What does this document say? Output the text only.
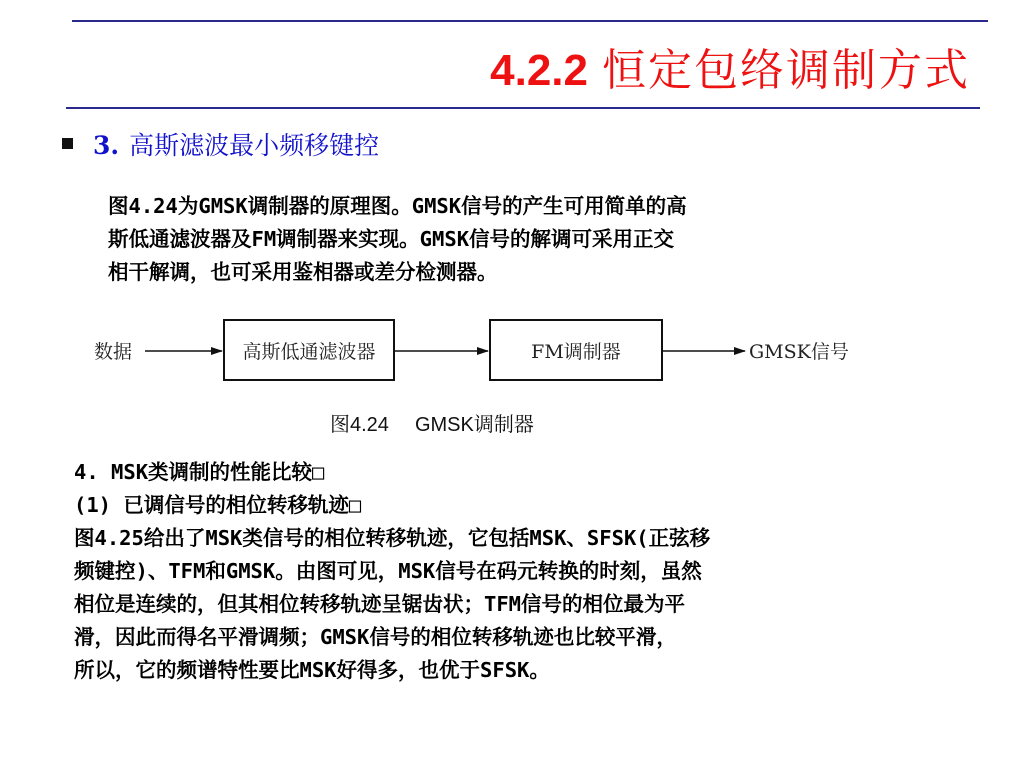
4.2.2 恒定包络调制方式
3. 高斯滤波最小频移键控
图4.24为GMSK调制器的原理图。GMSK信号的产生可用简单的高
斯低通滤波器及FM调制器来实现。GMSK信号的解调可采用正交
相干解调，也可采用鉴相器或差分检测器。
数据	高斯低通滤波器	FM调制器	GMSK信号
图4.24 GMSK调制器
4. MSK类调制的性能比较□
(1) 已调信号的相位转移轨迹□
图4.25给出了MSK类信号的相位转移轨迹，它包括MSK、SFSK(正弦移
频键控)、TFM和GMSK。由图可见，MSK信号在码元转换的时刻，虽然
相位是连续的，但其相位转移轨迹呈锯齿状；TFM信号的相位最为平
滑，因此而得名平滑调频；GMSK信号的相位转移轨迹也比较平滑，
所以，它的频谱特性要比MSK好得多，也优于SFSK。
